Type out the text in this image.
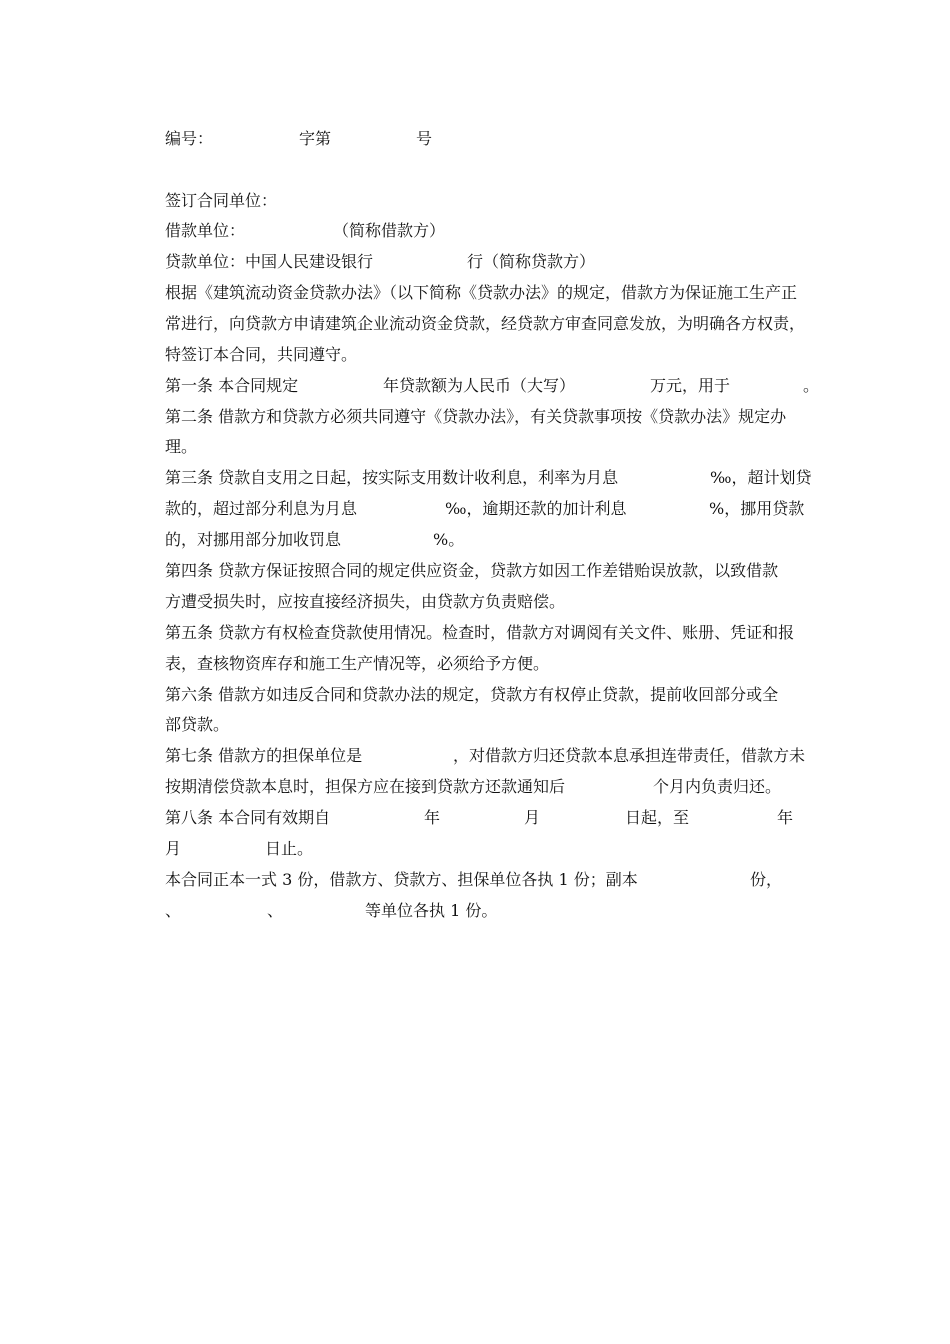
编号：	字第	号
签订合同单位：
借款单位：	（简称借款方）
贷款单位：中国人民建设银行	行（简称贷款方）
根据《建筑流动资金贷款办法》（以下简称《贷款办法》的规定，借款方为保证施工生产正
常进行，向贷款方申请建筑企业流动资金贷款，经贷款方审查同意发放，为明确各方权责，
特签订本合同，共同遵守。
第一条 本合同规定	年贷款额为人民币（大写）	万元，用于	。
第二条 借款方和贷款方必须共同遵守《贷款办法》，有关贷款事项按《贷款办法》规定办
理。
第三条 贷款自支用之日起，按实际支用数计收利息，利率为月息	‰，超计划贷
款的，超过部分利息为月息	‰，逾期还款的加计利息	%，挪用贷款
的，对挪用部分加收罚息	%。
第四条 贷款方保证按照合同的规定供应资金，贷款方如因工作差错贻误放款，以致借款
方遭受损失时，应按直接经济损失，由贷款方负责赔偿。
第五条 贷款方有权检查贷款使用情况。检查时，借款方对调阅有关文件、账册、凭证和报
表，查核物资库存和施工生产情况等，必须给予方便。
第六条 借款方如违反合同和贷款办法的规定，贷款方有权停止贷款，提前收回部分或全
部贷款。
第七条 借款方的担保单位是	，对借款方归还贷款本息承担连带责任，借款方未
按期清偿贷款本息时，担保方应在接到贷款方还款通知后	个月内负责归还。
第八条 本合同有效期自	年	月	日起，至	年
月	日止。
本合同正本一式 3 份，借款方、贷款方、担保单位各执 1 份；副本	份，
、	、	等单位各执 1 份。
